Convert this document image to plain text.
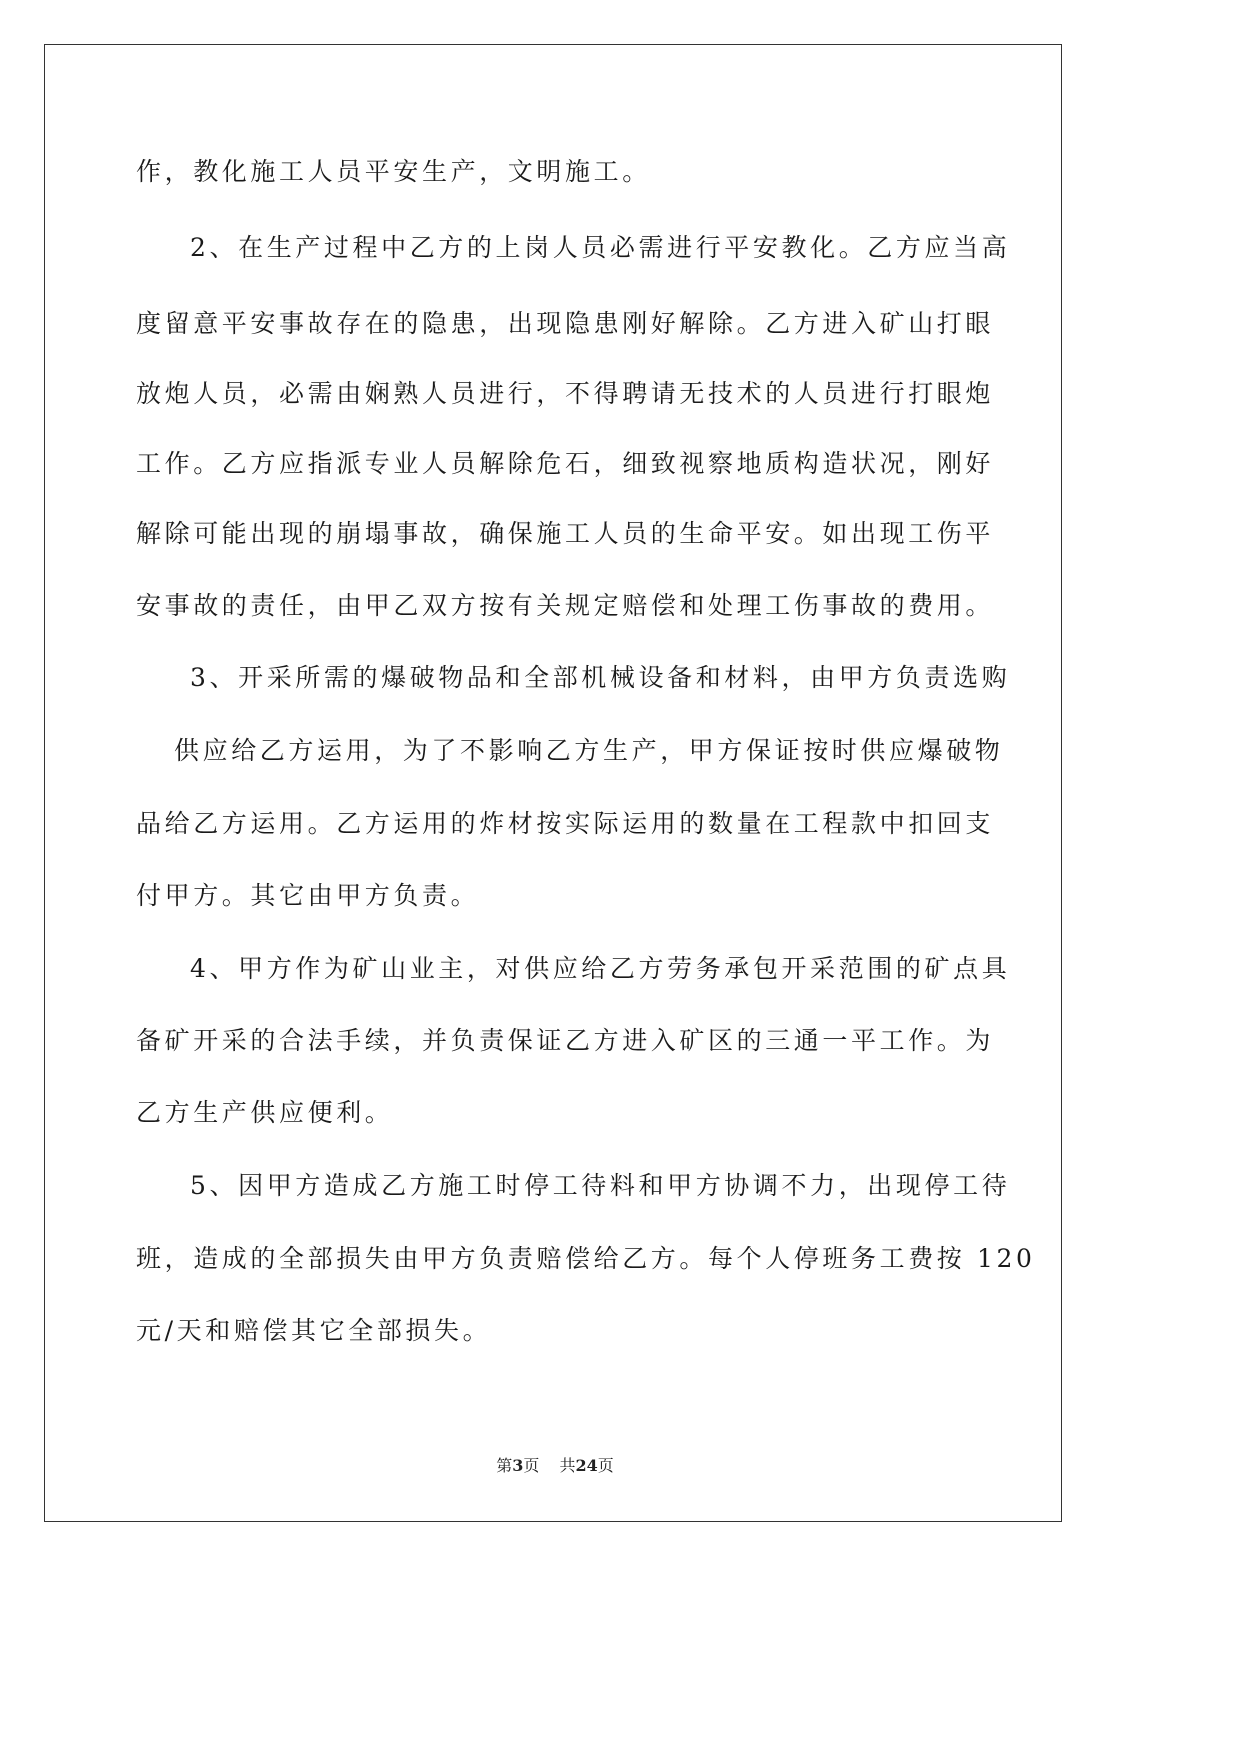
作，教化施工人员平安生产，文明施工。
2、在生产过程中乙方的上岗人员必需进行平安教化。乙方应当高
度留意平安事故存在的隐患，出现隐患刚好解除。乙方进入矿山打眼
放炮人员，必需由娴熟人员进行，不得聘请无技术的人员进行打眼炮
工作。乙方应指派专业人员解除危石，细致视察地质构造状况，刚好
解除可能出现的崩塌事故，确保施工人员的生命平安。如出现工伤平
安事故的责任，由甲乙双方按有关规定赔偿和处理工伤事故的费用。
3、开采所需的爆破物品和全部机械设备和材料，由甲方负责选购
供应给乙方运用，为了不影响乙方生产，甲方保证按时供应爆破物
品给乙方运用。乙方运用的炸材按实际运用的数量在工程款中扣回支
付甲方。其它由甲方负责。
4、甲方作为矿山业主，对供应给乙方劳务承包开采范围的矿点具
备矿开采的合法手续，并负责保证乙方进入矿区的三通一平工作。为
乙方生产供应便利。
5、因甲方造成乙方施工时停工待料和甲方协调不力，出现停工待
班，造成的全部损失由甲方负责赔偿给乙方。每个人停班务工费按 120
元/天和赔偿其它全部损失。
第3页 共24页
